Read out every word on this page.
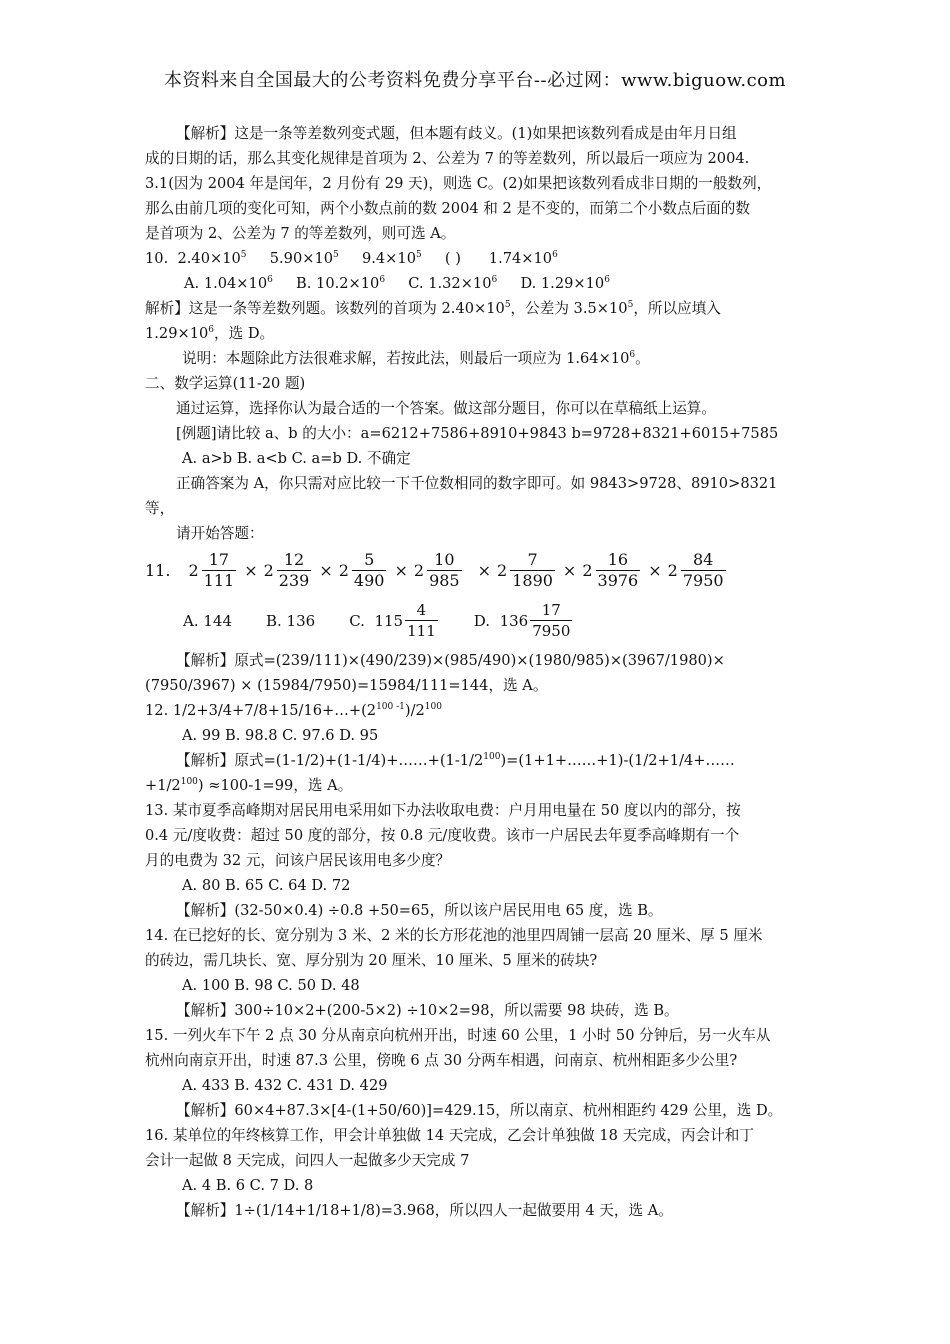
本资料来自全国最大的公考资料免费分享平台--必过网：www.biguow.com
【解析】这是一条等差数列变式题，但本题有歧义。(1)如果把该数列看成是由年月日组
成的日期的话，那么其变化规律是首项为 2、公差为 7 的等差数列，所以最后一项应为 2004.
3.1(因为 2004 年是闰年，2 月份有 29 天)，则选 C。(2)如果把该数列看成非日期的一般数列，
那么由前几项的变化可知，两个小数点前的数 2004 和 2 是不变的，而第二个小数点后面的数
是首项为 2、公差为 7 的等差数列，则可选 A。
10. $2.40\times 10^5$ $5.90\times 10^5$ $9.4\times 10^5$ ( ) $1.74\times 10^6$
A. $1.04\times 10^6$ B. $10.2\times 10^6$ C. $1.32\times 10^6$ D. $1.29\times 10^6$
解析】这是一条等差数列题。该数列的首项为 $2.40\times 10^5$，公差为 $3.5\times 10^5$，所以应填入
$1.29\times 10^6$，选 D。
说明：本题除此方法很难求解，若按此法，则最后一项应为 $1.64\times 10^6$。
二、数学运算(11-20 题)
通过运算，选择你认为最合适的一个答案。做这部分题目，你可以在草稿纸上运算。
[例题]请比较 a、b 的大小：a=6212+7586+8910+9843 b=9728+8321+6015+7585
A. a>b B. a<b C. a=b D. 不确定
正确答案为 A，你只需对应比较一下千位数相同的数字即可。如 9843>9728、8910>8321
等，
请开始答题：
11. $2 \frac{17}{111} \times 2 \frac{12}{239} \times 2 \frac{5}{490} \times 2 \frac{10}{985} \times 2 \frac{7}{1890} \times 2 \frac{16}{3976} \times 2 \frac{84}{7950}$
A. 144 B. 136 C.
$115 \frac{4}{111} D$.
$136 \frac{17}{7950}$
【解析】原式=(239/111)×(490/239)×(985/490)×(1980/985)×(3967/1980)×
(7950/3967) × (15984/7950)=15984/111=144，选 A。
12. $1/2+3/4+7/8+15/16+\dots+(2^{100 -1})/2^{100}$
A. 99 B. 98.8 C. 97.6 D. 95
【解析】原式$=(1-1/2)+(1-1/4)+\dots\dots+(1-1/2^{100})=(1+1+\dots\dots+1)-(1/2+1/4+\dots\dots$
$+1/2^{100}) \approx 100-1=99$，选 A。
13. 某市夏季高峰期对居民用电采用如下办法收取电费：户月用电量在 50 度以内的部分，按
0.4 元/度收费：超过 50 度的部分，按 0.8 元/度收费。该市一户居民去年夏季高峰期有一个
月的电费为 32 元，问该户居民该用电多少度？
A. 80 B. 65 C. 64 D. 72
【解析】(32-50×0.4) ÷0.8 +50=65，所以该户居民用电 65 度，选 B。
14. 在已挖好的长、宽分别为 3 米、2 米的长方形花池的池里四周铺一层高 20 厘米、厚 5 厘米
的砖边，需几块长、宽、厚分别为 20 厘米、10 厘米、5 厘米的砖块?
A. 100 B. 98 C. 50 D. 48
【解析】300÷10×2+(200-5×2) ÷10×2=98，所以需要 98 块砖，选 B。
15. 一列火车下午 2 点 30 分从南京向杭州开出，时速 60 公里，1 小时 50 分钟后，另一火车从
杭州向南京开出，时速 87.3 公里，傍晚 6 点 30 分两车相遇，问南京、杭州相距多少公里?
A. 433 B. 432 C. 431 D. 429
【解析】60×4+87.3×[4-(1+50/60)]=429.15，所以南京、杭州相距约 429 公里，选 D。
16. 某单位的年终核算工作，甲会计单独做 14 天完成，乙会计单独做 18 天完成，丙会计和丁
会计一起做 8 天完成，问四人一起做多少天完成 7
A. 4 B. 6 C. 7 D. 8
【解析】1÷(1/14+1/18+1/8)=3.968，所以四人一起做要用 4 天，选 A。
